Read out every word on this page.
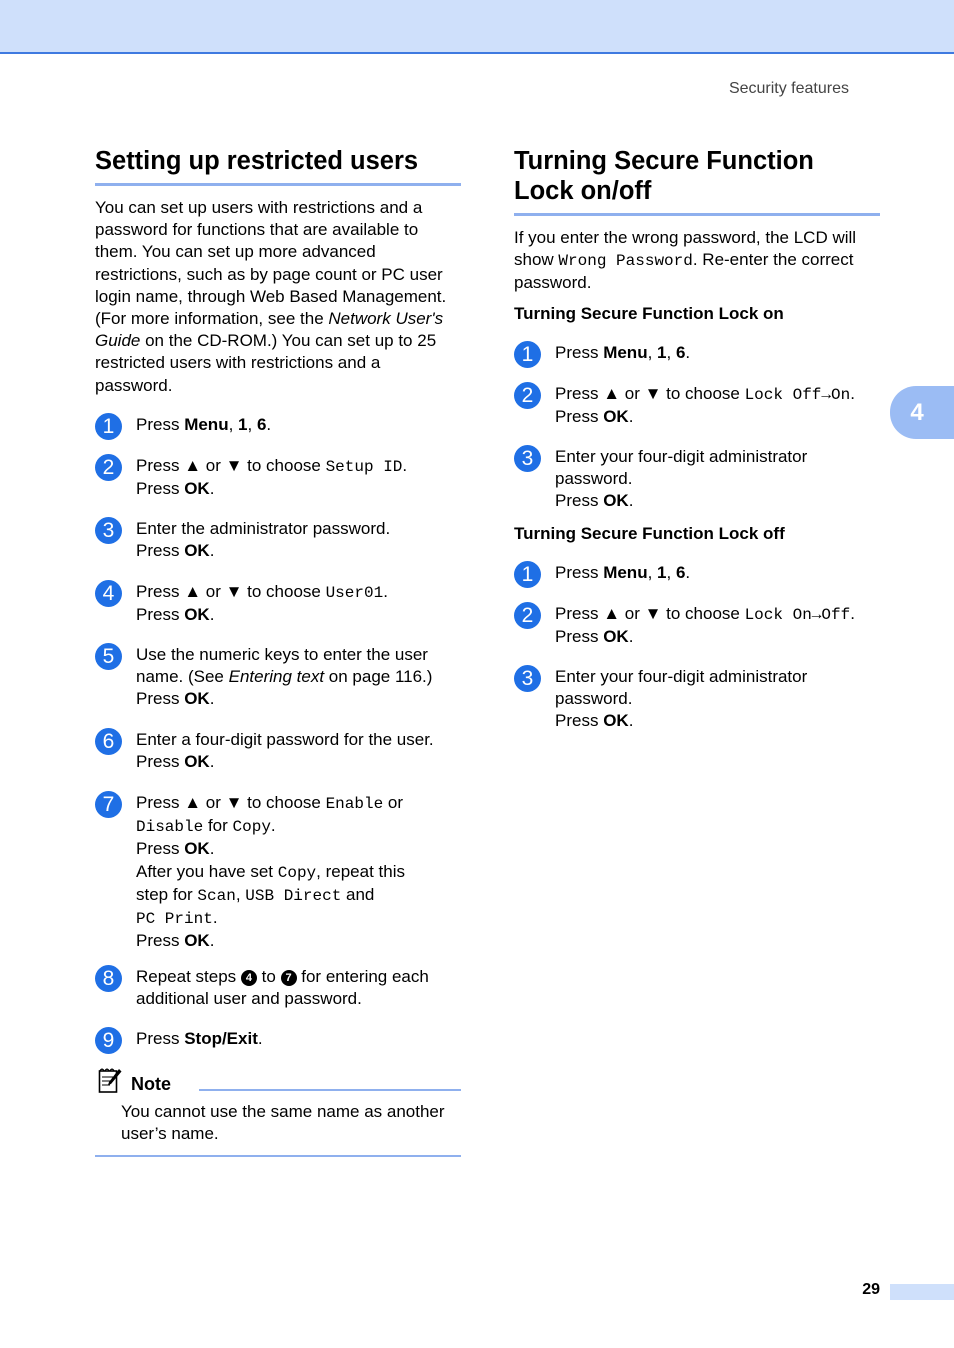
Security features
Setting up restricted users
You can set up users with restrictions and a password for functions that are available to them. You can set up more advanced restrictions, such as by page count or PC user login name, through Web Based Management. (For more information, see the Network User's Guide on the CD-ROM.) You can set up to 25 restricted users with restrictions and a password.
1	Press Menu, 1, 6.
2	Press ▲ or ▼ to choose Setup ID.
Press OK.
3	Enter the administrator password.
Press OK.
4	Press ▲ or ▼ to choose User01.
Press OK.
5	Use the numeric keys to enter the user name. (See Entering text on page 116.)
Press OK.
6	Enter a four-digit password for the user.
Press OK.
7	Press ▲ or ▼ to choose Enable or
Disable for Copy.
Press OK.
After you have set Copy, repeat this
step for Scan, USB Direct and
PC Print.
Press OK.
8	Repeat steps 4 to 7 for entering each additional user and password.
9	Press Stop/Exit.
Note
You cannot use the same name as another user’s name.
Turning Secure Function
Lock on/off
If you enter the wrong password, the LCD will show Wrong Password. Re-enter the correct password.
Turning Secure Function Lock on
1	Press Menu, 1, 6.
2	Press ▲ or ▼ to choose Lock Off→On.
Press OK.
3	Enter your four-digit administrator password.
Press OK.
Turning Secure Function Lock off
1	Press Menu, 1, 6.
2	Press ▲ or ▼ to choose Lock On→Off.
Press OK.
3	Enter your four-digit administrator password.
Press OK.
4
29
